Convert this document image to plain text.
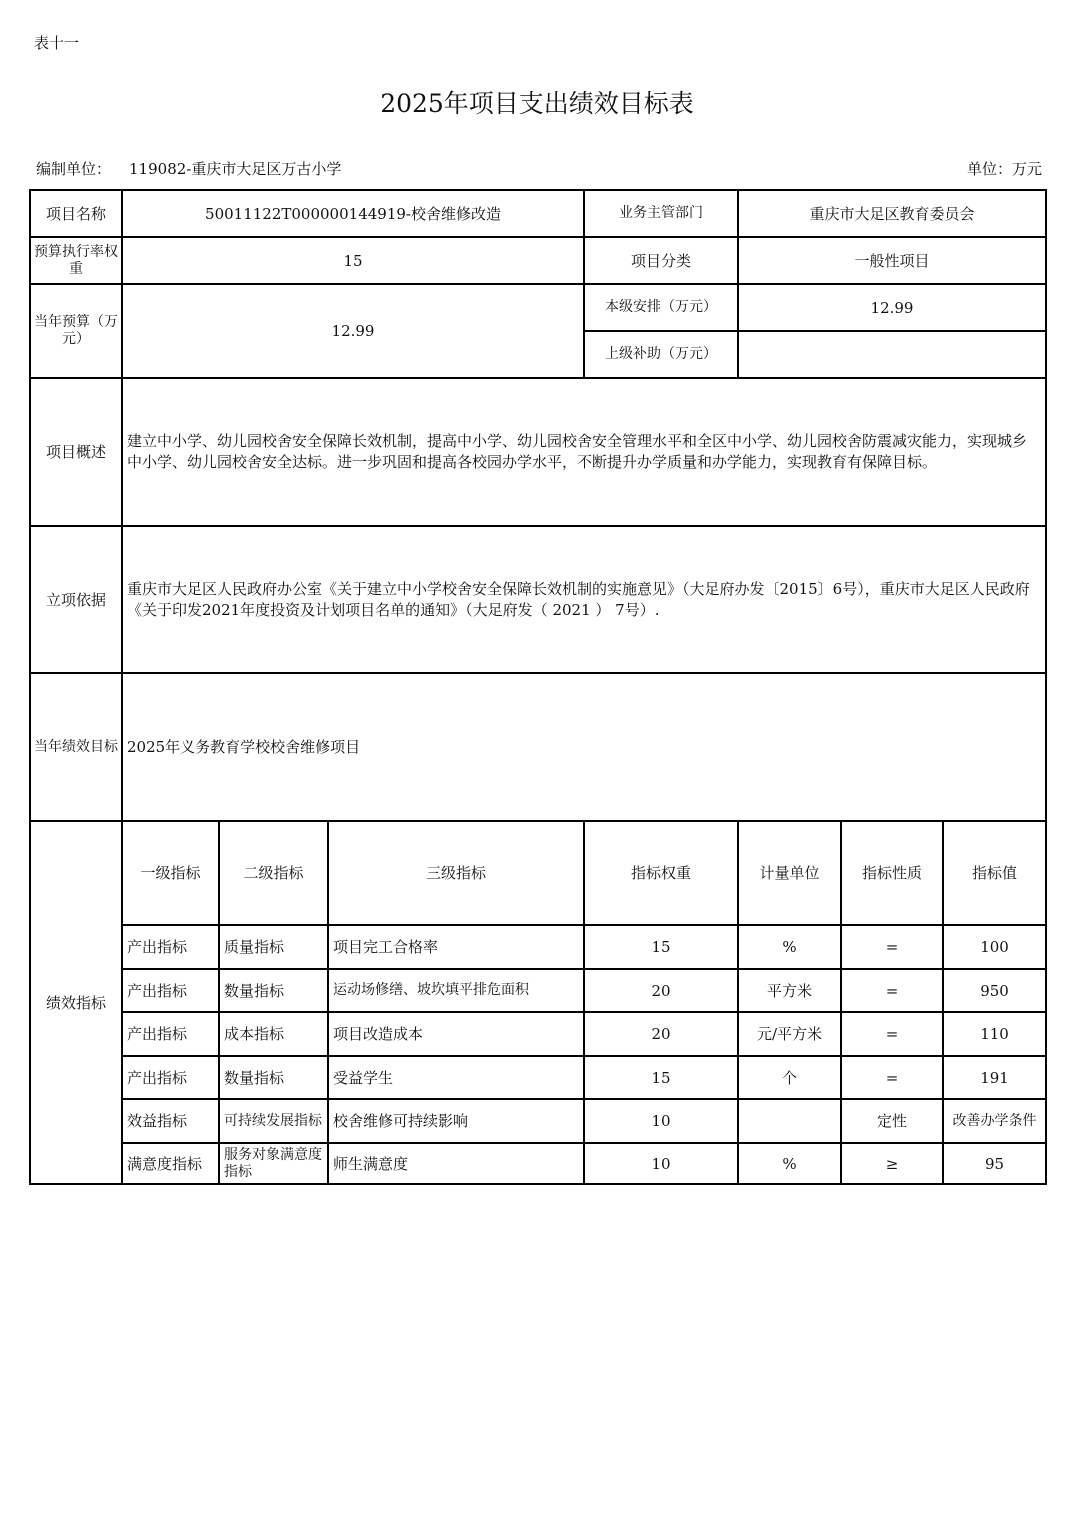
表十一
2025年项目支出绩效目标表
编制单位： 119082-重庆市大足区万古小学	单位：万元
项目名称	50011122T000000144919-校舍维修改造			业务主管部门	重庆市大足区教育委员会			
预算执行率权重	15			项目分类	一般性项目			
当年预算（万元）	12.99			本级安排（万元）	12.99			
				上级补助（万元）				
项目概述	建立中小学、幼儿园校舍安全保障长效机制，提高中小学、幼儿园校舍安全管理水平和全区中小学、幼儿园校舍防震减灾能力，实现城乡中小学、幼儿园校舍安全达标。进一步巩固和提高各校园办学水平，不断提升办学质量和办学能力，实现教育有保障目标。							
立项依据	重庆市大足区人民政府办公室《关于建立中小学校舍安全保障长效机制的实施意见》（大足府办发〔2015〕6号），重庆市大足区人民政府《关于印发2021年度投资及计划项目名单的通知》（大足府发（ 2021 ） 7号）.							
当年绩效目标	2025年义务教育学校校舍维修项目							
绩效指标	一级指标	二级指标	三级指标	指标权重	计量单位	指标性质	指标值	
	产出指标	质量指标	项目完工合格率	15	%	=	100	
	产出指标	数量指标	运动场修缮、坡坎填平排危面积	20	平方米	=	950	
	产出指标	成本指标	项目改造成本	20	元/平方米	=	110	
	产出指标	数量指标	受益学生	15	个	=	191	
	效益指标	可持续发展指标	校舍维修可持续影响	10		定性	改善办学条件	
	满意度指标	服务对象满意度指标	师生满意度	10	%	≥	95	
